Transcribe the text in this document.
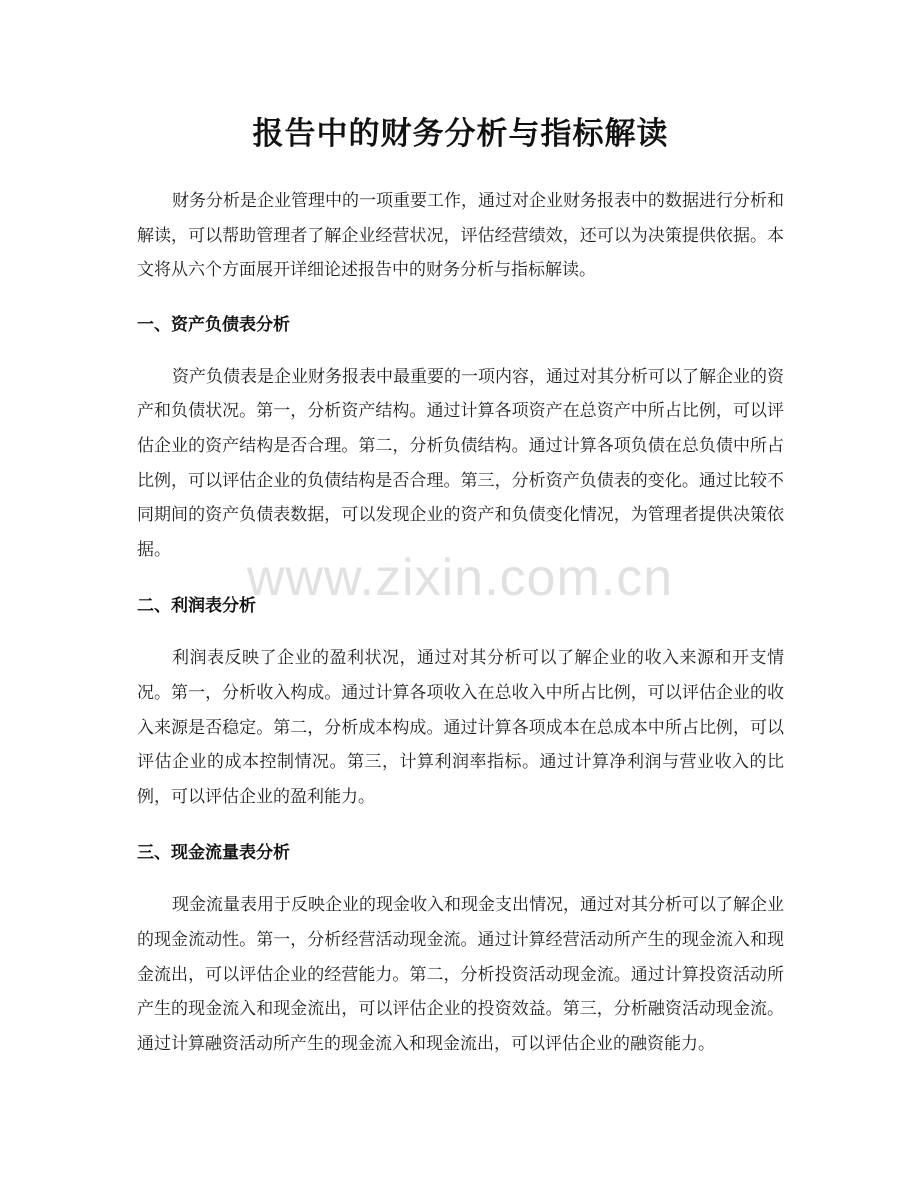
报告中的财务分析与指标解读

财务分析是企业管理中的一项重要工作，通过对企业财务报表中的数据进行分析和解读，可以帮助管理者了解企业经营状况，评估经营绩效，还可以为决策提供依据。本文将从六个方面展开详细论述报告中的财务分析与指标解读。

一、资产负债表分析

资产负债表是企业财务报表中最重要的一项内容，通过对其分析可以了解企业的资产和负债状况。第一，分析资产结构。通过计算各项资产在总资产中所占比例，可以评估企业的资产结构是否合理。第二，分析负债结构。通过计算各项负债在总负债中所占比例，可以评估企业的负债结构是否合理。第三，分析资产负债表的变化。通过比较不同期间的资产负债表数据，可以发现企业的资产和负债变化情况，为管理者提供决策依据。

二、利润表分析

利润表反映了企业的盈利状况，通过对其分析可以了解企业的收入来源和开支情况。第一，分析收入构成。通过计算各项收入在总收入中所占比例，可以评估企业的收入来源是否稳定。第二，分析成本构成。通过计算各项成本在总成本中所占比例，可以评估企业的成本控制情况。第三，计算利润率指标。通过计算净利润与营业收入的比例，可以评估企业的盈利能力。

三、现金流量表分析

现金流量表用于反映企业的现金收入和现金支出情况，通过对其分析可以了解企业的现金流动性。第一，分析经营活动现金流。通过计算经营活动所产生的现金流入和现金流出，可以评估企业的经营能力。第二，分析投资活动现金流。通过计算投资活动所产生的现金流入和现金流出，可以评估企业的投资效益。第三，分析融资活动现金流。通过计算融资活动所产生的现金流入和现金流出，可以评估企业的融资能力。

www.zixin.com.cn
